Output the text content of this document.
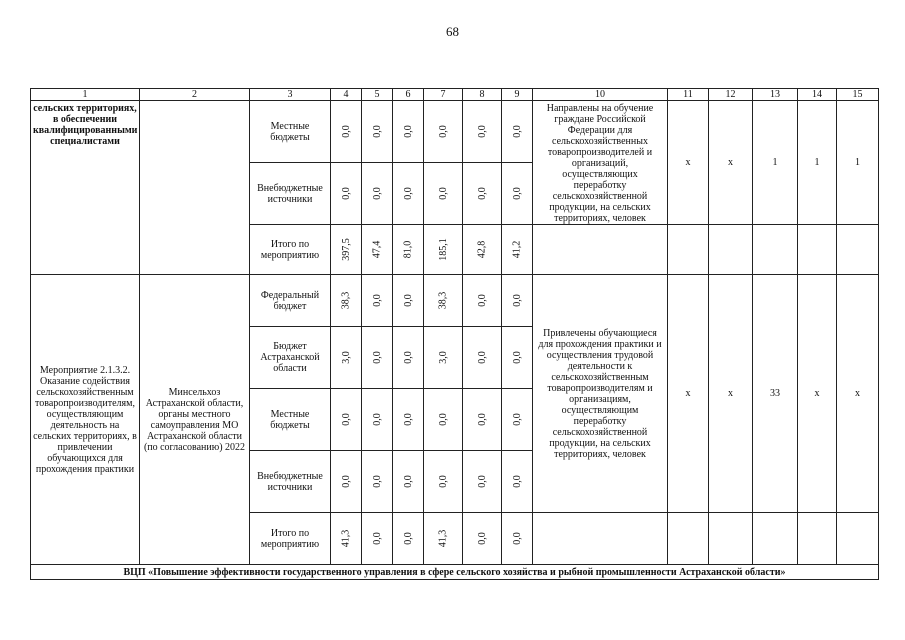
68
1	2	3	4	5	6	7	8	9	10	11	12	13	14	15
сельских территориях, в обеспечении квалифицированными специалистами		Местные бюджеты	0,0	0,0	0,0	0,0	0,0	0,0	Направлены на обучение граждане Российской Федерации для сельскохозяйственных товаропроизводителей и организаций, осуществляющих переработку сельскохозяйственной продукции, на сельских территориях, человек	х	х	1	1	1
		Внебюджетные источники	0,0	0,0	0,0	0,0	0,0	0,0						
		Итого по мероприятию	397,5	47,4	81,0	185,1	42,8	41,2						
Мероприятие 2.1.3.2. Оказание содействия сельскохозяйственным товаропроизводителям, осуществляющим деятельность на сельских территориях, в привлечении обучающихся для прохождения практики	Минсельхоз Астраханской области, органы местного самоуправления МО Астраханской области (по согласованию) 2022	Федеральный бюджет	38,3	0,0	0,0	38,3	0,0	0,0	Привлечены обучающиеся для прохождения практики и осуществления трудовой деятельности к сельскохозяйственным товаропроизводителям и организациям, осуществляющим переработку сельскохозяйственной продукции, на сельских территориях, человек	х	х	33	х	х
		Бюджет Астраханской области	3,0	0,0	0,0	3,0	0,0	0,0						
		Местные бюджеты	0,0	0,0	0,0	0,0	0,0	0,0						
		Внебюджетные источники	0,0	0,0	0,0	0,0	0,0	0,0						
		Итого по мероприятию	41,3	0,0	0,0	41,3	0,0	0,0						
ВЦП «Повышение эффективности государственного управления в сфере сельского хозяйства и рыбной промышленности Астраханской области»														
